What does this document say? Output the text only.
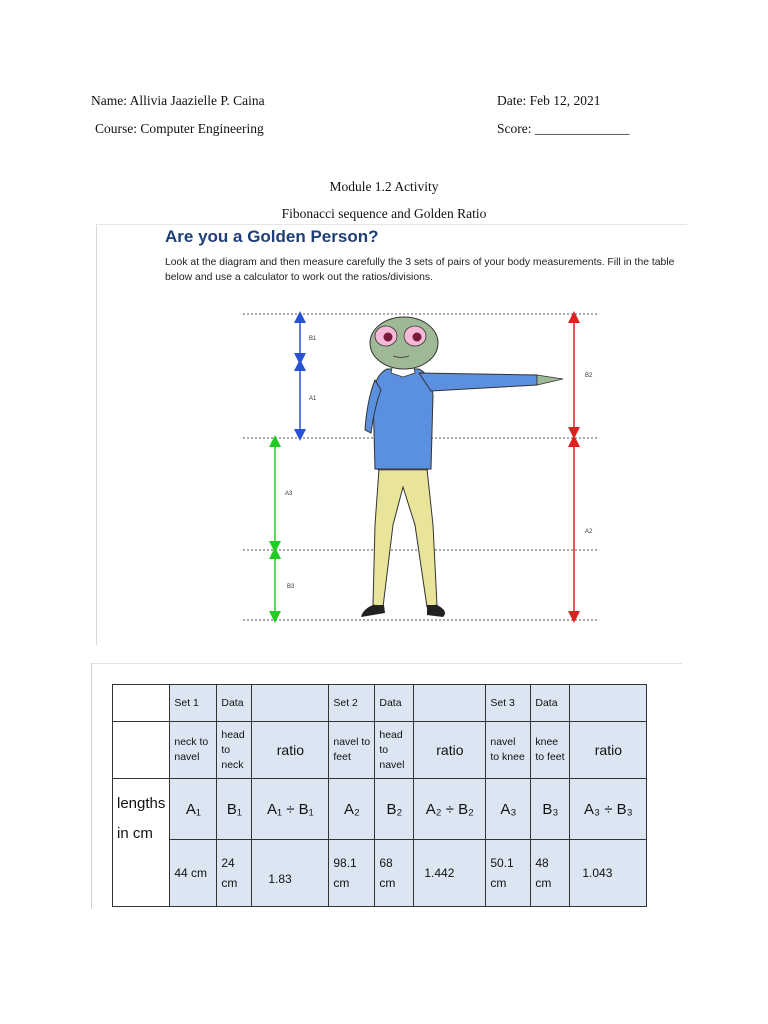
Name: Allivia Jaazielle P. Caina	Date: Feb 12, 2021
Course: Computer Engineering	Score: ______________
Module 1.2 Activity
Fibonacci sequence and Golden Ratio
B1
A1
B2
A3
A2
B3
Are you a Golden Person?
Look at the diagram and then measure carefully the 3 sets of pairs of your body measurements. Fill in the table below and use a calculator to work out the ratios/divisions.
	Set 1	Data		Set 2	Data		Set 3	Data	
	neck to navel	head to neck	ratio	navel to feet	head to navel	ratio	navel to knee	knee to feet	ratio
lengths
in cm	A₁	B₁	A₁ ÷ B₁	A₂	B₂	A₂ ÷ B₂	A₃	B₃	A₃ ÷ B₃
	44 cm	24 cm	1.83	98.1 cm	68 cm	1.442	50.1 cm	48 cm	1.043
